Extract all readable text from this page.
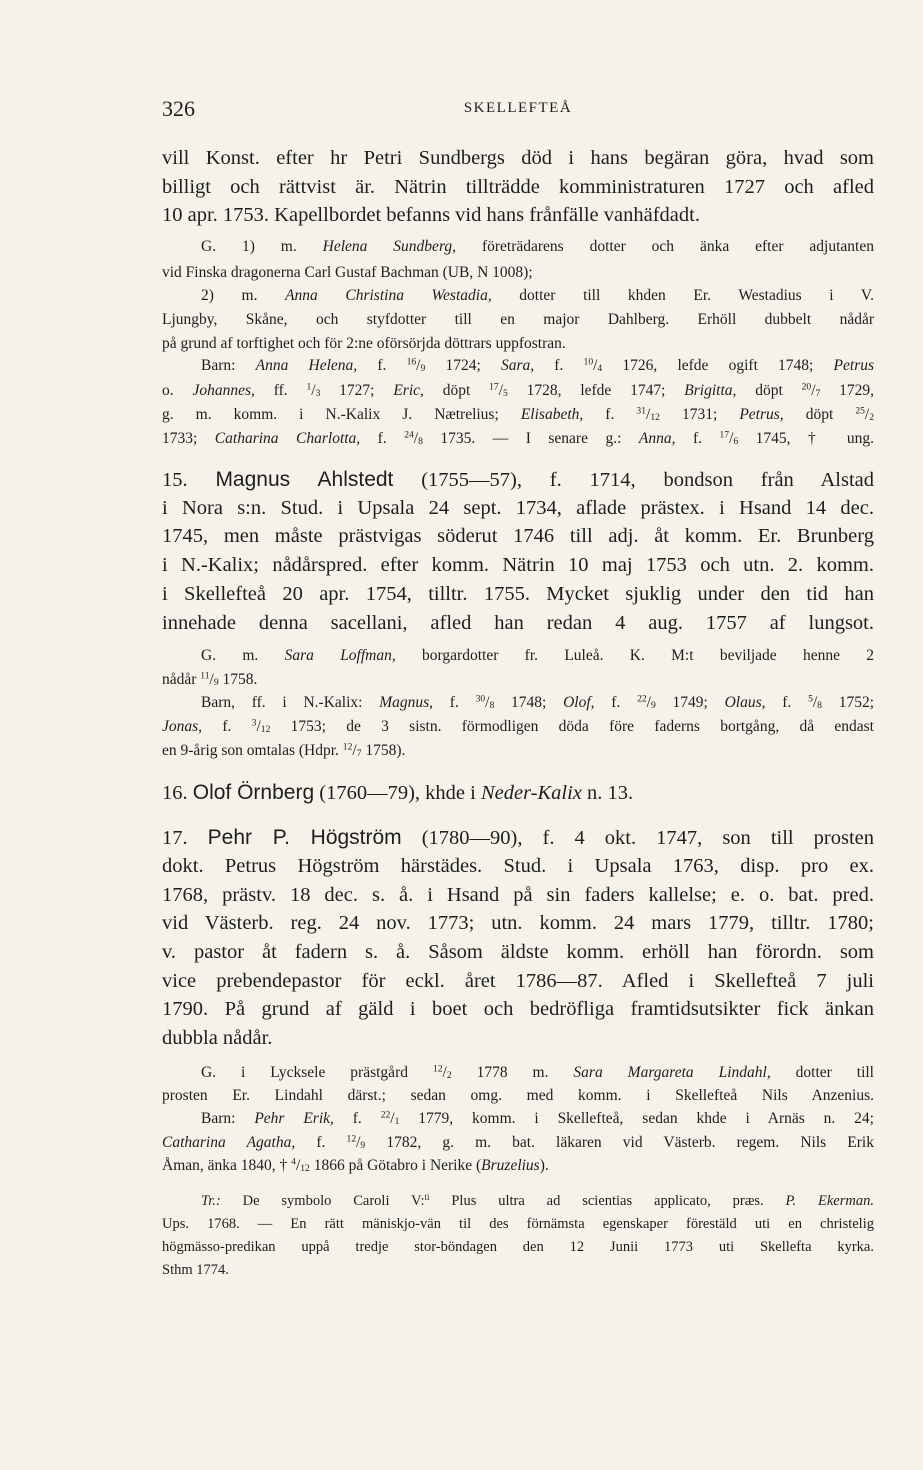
326	SKELLEFTEÅ
vill Konst. efter hr Petri Sundbergs död i hans begäran göra, hvad som
billigt och rättvist är. Nätrin tillträdde komministraturen 1727 och afled
10 apr. 1753. Kapellbordet befanns vid hans frånfälle vanhäfdadt.
G. 1) m. Helena Sundberg, företrädarens dotter och änka efter adjutanten
vid Finska dragonerna Carl Gustaf Bachman (UB, N 1008);
2) m. Anna Christina Westadia, dotter till khden Er. Westadius i V.
Ljungby, Skåne, och styfdotter till en major Dahlberg. Erhöll dubbelt nådår
på grund af torftighet och för 2:ne oförsörjda döttrars uppfostran.
Barn: Anna Helena, f. $^{16}/_9$ 1724; Sara, f. $^{10}/_4$ 1726, lefde ogift 1748; Petrus
o. Johannes, ff. $^1/_3$ 1727; Eric, döpt $^{17}/_5$ 1728, lefde 1747; Brigitta, döpt $^{20}/_7$ 1729,
g. m. komm. i N.-Kalix J. Nætrelius; Elisabeth, f. $^{31}/_{12}$ 1731; Petrus, döpt $^{25}/_2$
1733; Catharina Charlotta, f. $^{24}/_8$ 1735. — I senare g.: Anna, f. $^{17}/_6$ 1745, † ung.
15. Magnus Ahlstedt (1755—57), f. 1714, bondson från Alstad
i Nora s:n. Stud. i Upsala 24 sept. 1734, aflade prästex. i Hsand 14 dec.
1745, men måste prästvigas söderut 1746 till adj. åt komm. Er. Brunberg
i N.-Kalix; nådårspred. efter komm. Nätrin 10 maj 1753 och utn. 2. komm.
i Skellefteå 20 apr. 1754, tilltr. 1755. Mycket sjuklig under den tid han
innehade denna sacellani, afled han redan 4 aug. 1757 af lungsot.
G. m. Sara Loffman, borgardotter fr. Luleå. K. M:t beviljade henne 2
nådår $^{11}/_9$ 1758.
Barn, ff. i N.-Kalix: Magnus, f. $^{30}/_8$ 1748; Olof, f. $^{22}/_9$ 1749; Olaus, f. $^5/_8$ 1752;
Jonas, f. $^3/_{12}$ 1753; de 3 sistn. förmodligen döda före faderns bortgång, då endast
en 9-årig son omtalas (Hdpr. $^{12}/_7$ 1758).
16. Olof Örnberg (1760—79), khde i Neder-Kalix n. 13.
17. Pehr P. Högström (1780—90), f. 4 okt. 1747, son till prosten
dokt. Petrus Högström härstädes. Stud. i Upsala 1763, disp. pro ex.
1768, prästv. 18 dec. s. å. i Hsand på sin faders kallelse; e. o. bat. pred.
vid Västerb. reg. 24 nov. 1773; utn. komm. 24 mars 1779, tilltr. 1780;
v. pastor åt fadern s. å. Såsom äldste komm. erhöll han förordn. som
vice prebendepastor för eckl. året 1786—87. Afled i Skellefteå 7 juli
1790. På grund af gäld i boet och bedröfliga framtidsutsikter fick änkan
dubbla nådår.
G. i Lycksele prästgård $^{12}/_2$ 1778 m. Sara Margareta Lindahl, dotter till
prosten Er. Lindahl därst.; sedan omg. med komm. i Skellefteå Nils Anzenius.
Barn: Pehr Erik, f. $^{22}/_1$ 1779, komm. i Skellefteå, sedan khde i Arnäs n. 24;
Catharina Agatha, f. $^{12}/_9$ 1782, g. m. bat. läkaren vid Västerb. regem. Nils Erik
Åman, änka 1840, † $^4/_{12}$ 1866 på Götabro i Nerike (Bruzelius).
Tr.: De symbolo Caroli V:$^{ti}$ Plus ultra ad scientias applicato, præs. P. Ekerman.
Ups. 1768. — En rätt mäniskjo-vän til des förnämsta egenskaper förestäld uti en christelig
högmässo-predikan uppå tredje stor-böndagen den 12 Junii 1773 uti Skellefta kyrka.
Sthm 1774.
